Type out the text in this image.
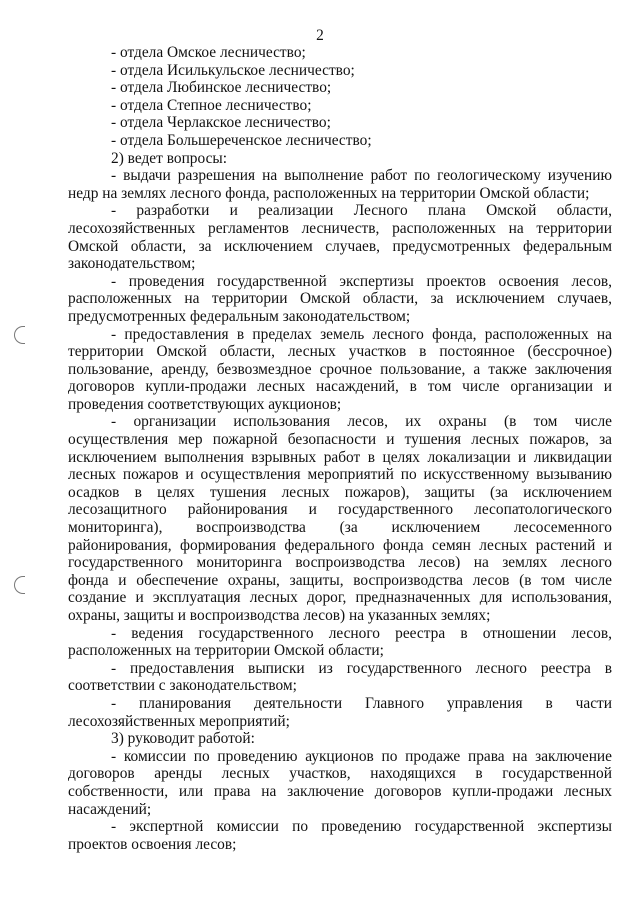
2
- отдела Омское лесничество;
- отдела Исилькульское лесничество;
- отдела Любинское лесничество;
- отдела Степное лесничество;
- отдела Черлакское лесничество;
- отдела Большереченское лесничество;
2) ведет вопросы:
- выдачи разрешения на выполнение работ по геологическому изучению
недр на землях лесного фонда, расположенных на территории Омской области;
- разработки и реализации Лесного плана Омской области,
лесохозяйственных регламентов лесничеств, расположенных на территории
Омской области, за исключением случаев, предусмотренных федеральным
законодательством;
- проведения государственной экспертизы проектов освоения лесов,
расположенных на территории Омской области, за исключением случаев,
предусмотренных федеральным законодательством;
- предоставления в пределах земель лесного фонда, расположенных на
территории Омской области, лесных участков в постоянное (бессрочное)
пользование, аренду, безвозмездное срочное пользование, а также заключения
договоров купли-продажи лесных насаждений, в том числе организации и
проведения соответствующих аукционов;
- организации использования лесов, их охраны (в том числе
осуществления мер пожарной безопасности и тушения лесных пожаров, за
исключением выполнения взрывных работ в целях локализации и ликвидации
лесных пожаров и осуществления мероприятий по искусственному вызыванию
осадков в целях тушения лесных пожаров), защиты (за исключением
лесозащитного районирования и государственного лесопатологического
мониторинга), воспроизводства (за исключением лесосеменного
районирования, формирования федерального фонда семян лесных растений и
государственного мониторинга воспроизводства лесов) на землях лесного
фонда и обеспечение охраны, защиты, воспроизводства лесов (в том числе
создание и эксплуатация лесных дорог, предназначенных для использования,
охраны, защиты и воспроизводства лесов) на указанных землях;
- ведения государственного лесного реестра в отношении лесов,
расположенных на территории Омской области;
- предоставления выписки из государственного лесного реестра в
соответствии с законодательством;
- планирования деятельности Главного управления в части
лесохозяйственных мероприятий;
3) руководит работой:
- комиссии по проведению аукционов по продаже права на заключение
договоров аренды лесных участков, находящихся в государственной
собственности, или права на заключение договоров купли-продажи лесных
насаждений;
- экспертной комиссии по проведению государственной экспертизы
проектов освоения лесов;
